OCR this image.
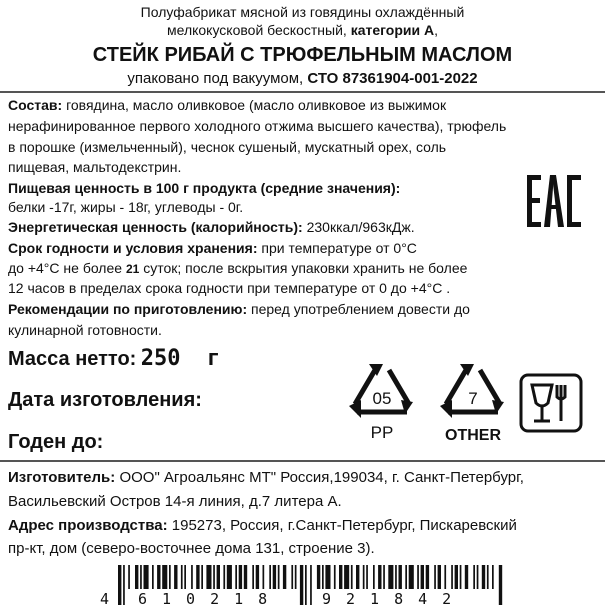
Полуфабрикат мясной из говядины охлаждённый
мелкокусковой бескостный, категории А,
СТЕЙК РИБАЙ С ТРЮФЕЛЬНЫМ МАСЛОМ
упаковано под вакуумом, СТО 87361904-001-2022
Состав: говядина, масло оливковое (масло оливковое из выжимок
нерафинированное первого холодного отжима высшего качества), трюфель
в порошке (измельченный), чеснок сушеный, мускатный орех, соль
пищевая, мальтодекстрин.
Пищевая ценность в 100 г продукта (средние значения):
белки -17г, жиры - 18г, углеводы - 0г.
Энергетическая ценность (калорийность): 230ккал/963кДж.
Срок годности и условия хранения: при температуре от 0°С
до +4°С не более 21 суток; после вскрытия упаковки хранить не более
12 часов в пределах срока годности при температуре от 0 до +4°С .
Рекомендации по приготовлению: перед употреблением довести до
кулинарной готовности.
Масса нетто: 250  г
Дата изготовления:
Годен до:
05
PP
7
OTHER
Изготовитель: ООО" Агроальянс МТ" Россия,199034, г. Санкт-Петербург,
Васильевский Остров 14-я линия, д.7 литера А.
Адрес производства: 195273, Россия, г.Санкт-Петербург, Пискаревский
пр-кт, дом (северо-восточнее дома 131, строение 3).
4 610218	921842
